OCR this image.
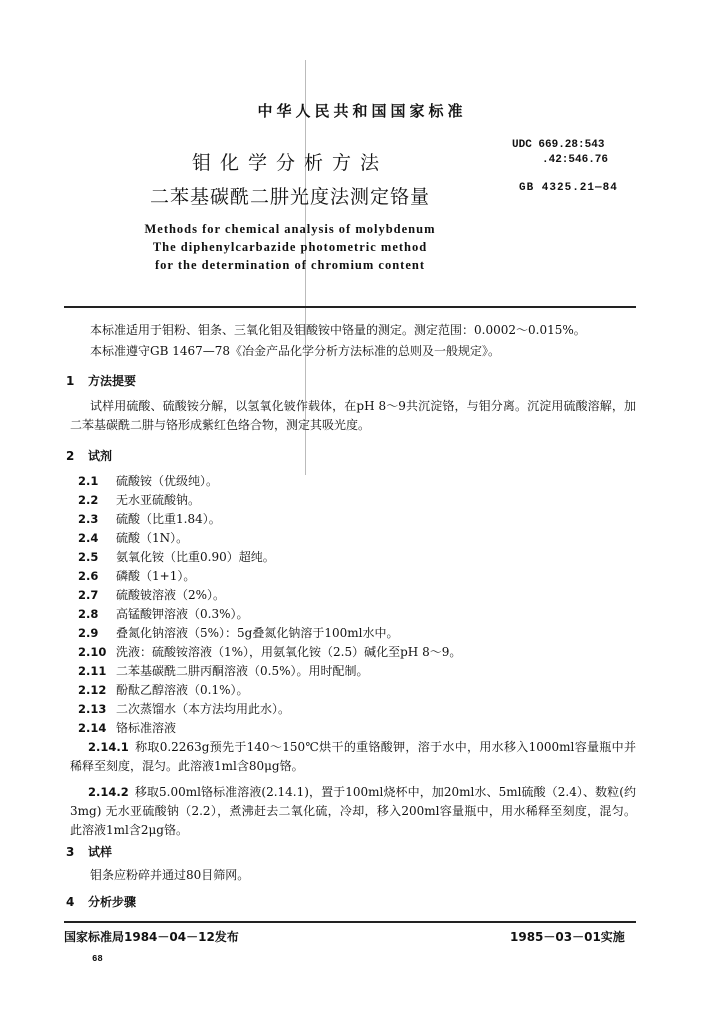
中华人民共和国国家标准
钼化学分析方法
二苯基碳酰二肼光度法测定铬量
Methods for chemical analysis of molybdenum
The diphenylcarbazide photometric method
for the determination of chromium content
UDC 669.28:543
.42:546.76
GB 4325.21—84
本标准适用于钼粉、钼条、三氧化钼及钼酸铵中铬量的测定。测定范围：0.0002～0.015%。
本标准遵守GB 1467—78《冶金产品化学分析方法标准的总则及一般规定》。
1 方法提要
试样用硫酸、硫酸铵分解，以氢氧化铍作载体，在pH 8～9共沉淀铬，与钼分离。沉淀用硫酸溶解，加二苯基碳酰二肼与铬形成紫红色络合物，测定其吸光度。
2 试剂
2.1 硫酸铵（优级纯）。
2.2 无水亚硫酸钠。
2.3 硫酸（比重1.84）。
2.4 硫酸（1N）。
2.5 氨氧化铵（比重0.90）超纯。
2.6 磷酸（1+1）。
2.7 硫酸铍溶液（2%）。
2.8 高锰酸钾溶液（0.3%）。
2.9 叠氮化钠溶液（5%）：5g叠氮化钠溶于100ml水中。
2.10 洗液：硫酸铵溶液（1%），用氨氧化铵（2.5）碱化至pH 8～9。
2.11 二苯基碳酰二肼丙酮溶液（0.5%）。用时配制。
2.12 酚酞乙醇溶液（0.1%）。
2.13 二次蒸馏水（本方法均用此水）。
2.14 铬标准溶液
2.14.1 称取0.2263g预先于140～150℃烘干的重铬酸钾，溶于水中，用水移入1000ml容量瓶中并稀释至刻度，混匀。此溶液1ml含80μg铬。
2.14.2 移取5.00ml铬标准溶液(2.14.1)，置于100ml烧杯中，加20ml水、5ml硫酸（2.4）、数粒(约3mg) 无水亚硫酸钠（2.2），煮沸赶去二氧化硫，冷却，移入200ml容量瓶中，用水稀释至刻度，混匀。此溶液1ml含2μg铬。
3 试样
钼条应粉碎并通过80目筛网。
4 分析步骤
国家标准局1984－04－12发布	1985－03－01实施
68
